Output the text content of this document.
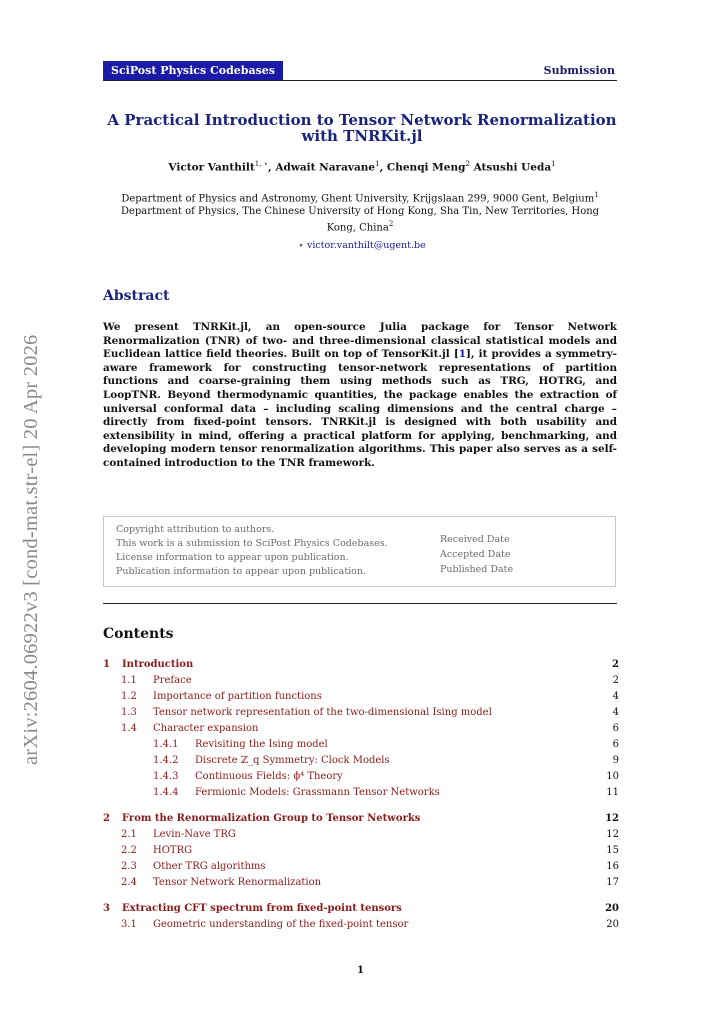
arXiv:2604.06922v3 [cond-mat.str-el] 20 Apr 2026
SciPost Physics Codebases	Submission
A Practical Introduction to Tensor Network Renormalization
with TNRKit.jl
Victor Vanthilt$^{1, ⋆}$, Adwait Naravane$^1$, Chenqi Meng$^2$ Atsushi Ueda$^1$
Department of Physics and Astronomy, Ghent University, Krijgslaan 299, 9000 Gent, Belgium$^1$
Department of Physics, The Chinese University of Hong Kong, Sha Tin, New Territories, Hong
Kong, China$^2$
⋆ victor.vanthilt@ugent.be
Abstract
We present TNRKit.jl, an open-source Julia package for Tensor Network Renormalization (TNR) of two- and three-dimensional classical statistical models and Euclidean lattice field theories. Built on top of TensorKit.jl [1], it provides a symmetry-aware framework for constructing tensor-network representations of partition functions and coarse-graining them using methods such as TRG, HOTRG, and LoopTNR. Beyond thermodynamic quantities, the package enables the extraction of universal conformal data – including scaling dimensions and the central charge – directly from fixed-point tensors. TNRKit.jl is designed with both usability and extensibility in mind, offering a practical platform for applying, benchmarking, and developing modern tensor renormalization algorithms. This paper also serves as a self-contained introduction to the TNR framework.
Copyright attribution to authors.
This work is a submission to SciPost Physics Codebases.
License information to appear upon publication.
Publication information to appear upon publication.
Received Date
Accepted Date
Published Date
Contents
1 Introduction	2
1.1 Preface	2
1.2 Importance of partition functions	4
1.3 Tensor network representation of the two-dimensional Ising model	4
1.4 Character expansion	6
1.4.1 Revisiting the Ising model	6
1.4.2 Discrete ℤ_q Symmetry: Clock Models	9
1.4.3 Continuous Fields: ϕ⁴ Theory	10
1.4.4 Fermionic Models: Grassmann Tensor Networks	11
2 From the Renormalization Group to Tensor Networks	12
2.1 Levin-Nave TRG	12
2.2 HOTRG	15
2.3 Other TRG algorithms	16
2.4 Tensor Network Renormalization	17
3 Extracting CFT spectrum from fixed-point tensors	20
3.1 Geometric understanding of the fixed-point tensor	20
1
